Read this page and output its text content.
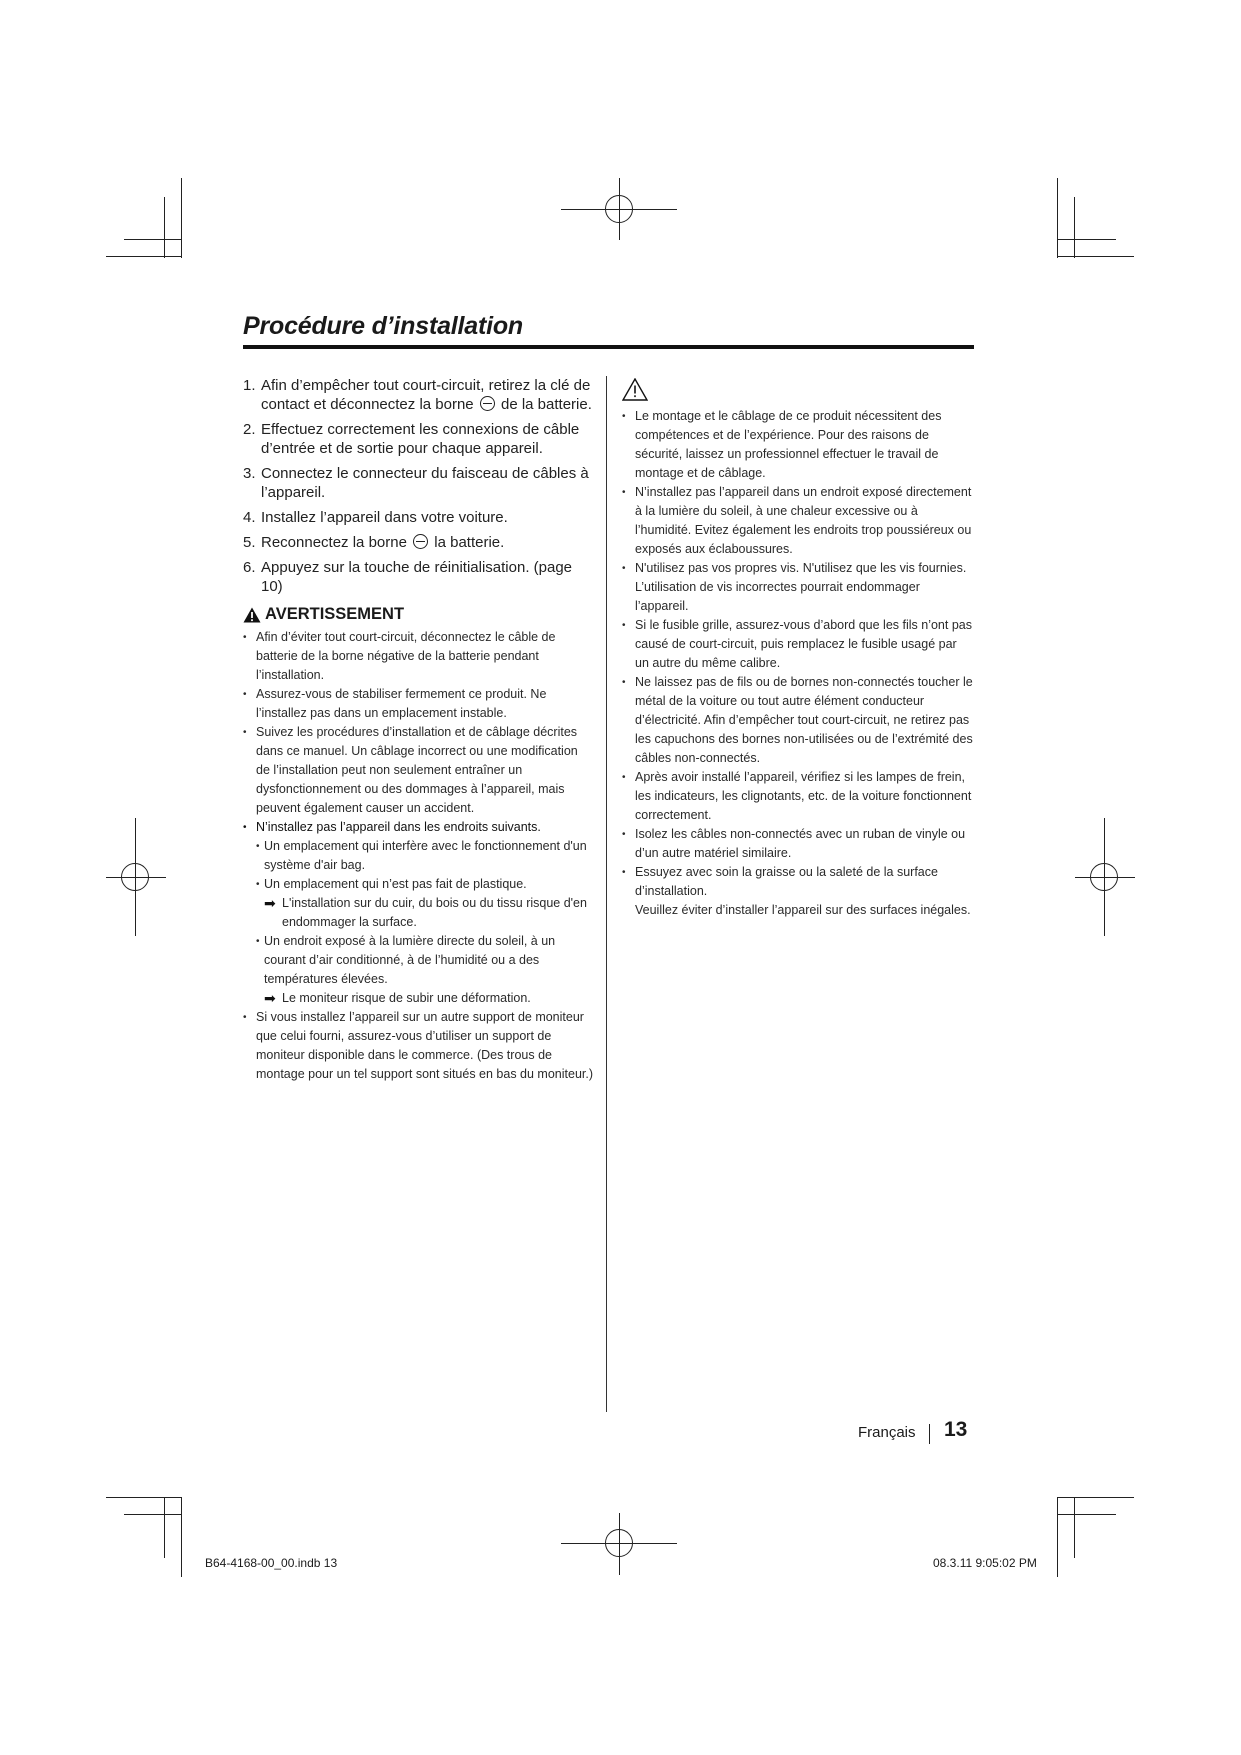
Procédure d’installation
1. Afin d’empêcher tout court-circuit, retirez la clé de contact et déconnectez la borne  de la batterie.
2. Effectuez correctement les connexions de câble d’entrée et de sortie pour chaque appareil.
3. Connectez le connecteur du faisceau de câbles à l’appareil.
4. Installez l’appareil dans votre voiture.
5. Reconnectez la borne  la batterie.
6. Appuyez sur la touche de réinitialisation. (page 10)
AVERTISSEMENT
• Afin d’éviter tout court-circuit, déconnectez le câble de batterie de la borne négative de la batterie pendant l’installation.
• Assurez-vous de stabiliser fermement ce produit. Ne l’installez pas dans un emplacement instable.
• Suivez les procédures d’installation et de câblage décrites dans ce manuel. Un câblage incorrect ou une modification de l’installation peut non seulement entraîner un dysfonctionnement ou des dommages à l’appareil, mais peuvent également causer un accident.
• N’installez pas l’appareil dans les endroits suivants.
• Un emplacement qui interfère avec le fonctionnement d'un système d'air bag.
• Un emplacement qui n’est pas fait de plastique.
➡ L'installation sur du cuir, du bois ou du tissu risque d'en endommager la surface.
• Un endroit exposé à la lumière directe du soleil, à un courant d’air conditionné, à de l’humidité ou a des températures élevées.
➡ Le moniteur risque de subir une déformation.
• Si vous installez l’appareil sur un autre support de moniteur que celui fourni, assurez-vous d’utiliser un support de moniteur disponible dans le commerce. (Des trous de montage pour un tel support sont situés en bas du moniteur.)
• Le montage et le câblage de ce produit nécessitent des compétences et de l’expérience. Pour des raisons de sécurité, laissez un professionnel effectuer le travail de montage et de câblage.
• N’installez pas l’appareil dans un endroit exposé directement à la lumière du soleil, à une chaleur excessive ou à l’humidité. Evitez également les endroits trop poussiéreux ou exposés aux éclaboussures.
• N'utilisez pas vos propres vis. N'utilisez que les vis fournies. L’utilisation de vis incorrectes pourrait endommager l’appareil.
• Si le fusible grille, assurez-vous d’abord que les fils n’ont pas causé de court-circuit, puis remplacez le fusible usagé par un autre du même calibre.
• Ne laissez pas de fils ou de bornes non-connectés toucher le métal de la voiture ou tout autre élément conducteur d’électricité. Afin d’empêcher tout court-circuit, ne retirez pas les capuchons des bornes non-utilisées ou de l’extrémité des câbles non-connectés.
• Après avoir installé l’appareil, vérifiez si les lampes de frein, les indicateurs, les clignotants, etc. de la voiture fonctionnent correctement.
• Isolez les câbles non-connectés avec un ruban de vinyle ou d’un autre matériel similaire.
• Essuyez avec soin la graisse ou la saleté de la surface d’installation.
Veuillez éviter d’installer l’appareil sur des surfaces inégales.
Français 13
B64-4168-00_00.indb 13	08.3.11 9:05:02 PM
